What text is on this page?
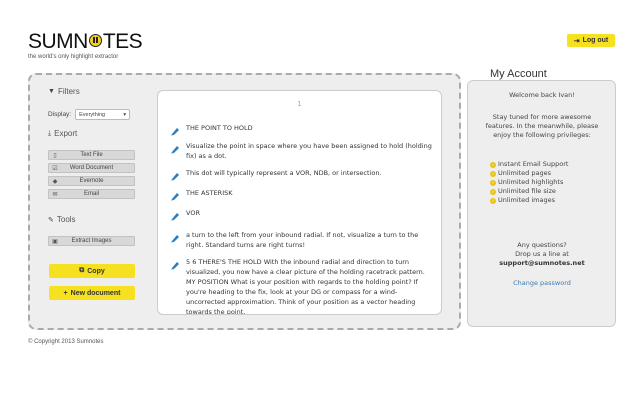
SUMN TES
the world's only highlight extractor
⇥ Log out
▼ Filters
Display: Everything	▾
⤓ Export
▯	Text File
☑	Word Document
◆	Evernote
✉	Email
✎ Tools
▣	Extract Images
⧉ Copy
+ New document
1
THE POINT TO HOLD
Visualize the point in space where you have been assigned to hold (holding fix) as a dot.
This dot will typically represent a VOR, NDB, or intersection.
THE ASTERISK
VOR
a turn to the left from your inbound radial. If not, visualize a turn to the right. Standard turns are right turns!
5 6 THERE'S THE HOLD With the inbound radial and direction to turn visualized, you now have a clear picture of the holding racetrack pattern. MY POSITION What is your position with regards to the holding point? If you're heading to the fix, look at your DG or compass for a wind-uncorrected approximation. Think of your position as a vector heading towards the point.
My Account
Welcome back Ivan!
Stay tuned for more awesome features. In the meanwhile, please enjoy the following privileges:
✓ Instant Email Support
✓ Unlimited pages
✓ Unlimited highlights
✓ Unlimited file size
✓ Unlimited images
Any questions?
Drop us a line at
support@sumnotes.net
Change password
© Copyright 2013 Sumnotes
